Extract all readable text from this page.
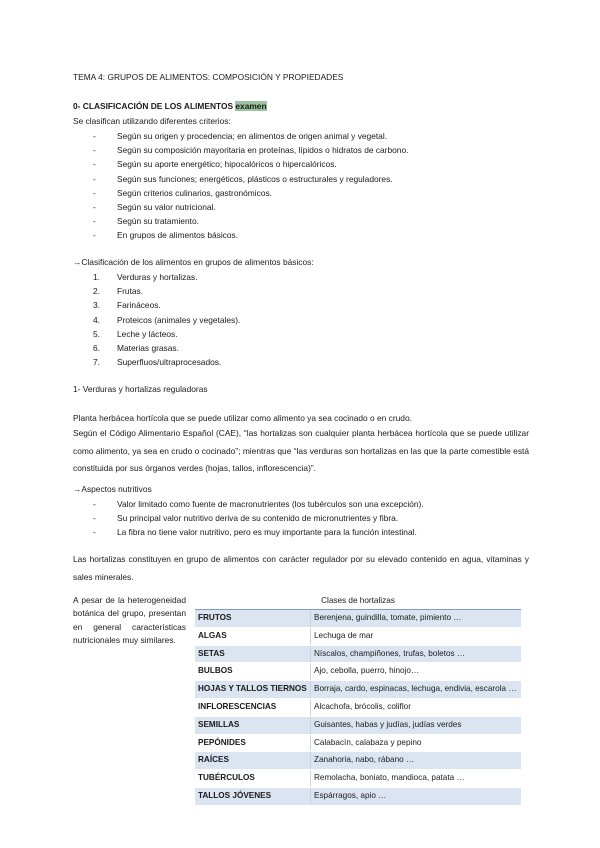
TEMA 4: GRUPOS DE ALIMENTOS: COMPOSICIÓN Y PROPIEDADES
0- CLASIFICACIÓN DE LOS ALIMENTOS examen
Se clasifican utilizando diferentes criterios:
-	Según su origen y procedencia; en alimentos de origen animal y vegetal.
-	Según su composición mayoritaria en proteínas, lípidos o hidratos de carbono.
-	Según su aporte energético; hipocalóricos o hipercalóricos.
-	Según sus funciones; energéticos, plásticos o estructurales y reguladores.
-	Según criterios culinarios, gastronómicos.
-	Según su valor nutricional.
-	Según su tratamiento.
-	En grupos de alimentos básicos.
→Clasificación de los alimentos en grupos de alimentos básicos:
1. Verduras y hortalizas.
2. Frutas.
3. Farináceos.
4. Proteicos (animales y vegetales).
5. Leche y lácteos.
6. Materias grasas.
7. Superfluos/ultraprocesados.
1- Verduras y hortalizas reguladoras
Planta herbácea hortícola que se puede utilizar como alimento ya sea cocinado o en crudo.
Según el Código Alimentario Español (CAE), “las hortalizas son cualquier planta herbácea hortícola que se puede utilizar como alimento, ya sea en crudo o cocinado”; mientras que “las verduras son hortalizas en las que la parte comestible está constituida por sus órganos verdes (hojas, tallos, inflorescencia)”.
→Aspectos nutritivos
-	Valor limitado como fuente de macronutrientes (los tubérculos son una excepción).
-	Su principal valor nutritivo deriva de su contenido de micronutrientes y fibra.
-	La fibra no tiene valor nutritivo, pero es muy importante para la función intestinal.
Las hortalizas constituyen en grupo de alimentos con carácter regulador por su elevado contenido en agua, vitaminas y sales minerales.
A pesar de la heterogeneidad botánica del grupo, presentan en general características nutricionales muy similares.
Clases de hortalizas	
FRUTOS	Berenjena, guindilla, tomate, pimiento …
ALGAS	Lechuga de mar
SETAS	Níscalos, champiñones, trufas, boletos …
BULBOS	Ajo, cebolla, puerro, hinojo…
HOJAS Y TALLOS TIERNOS	Borraja, cardo, espinacas, lechuga, endivia, escarola …
INFLORESCENCIAS	Alcachofa, brócolis, coliflor
SEMILLAS	Guisantes, habas y judías, judías verdes
PEPÓNIDES	Calabacín, calabaza y pepino
RAÍCES	Zanahoria, nabo, rábano …
TUBÉRCULOS	Remolacha, boniato, mandioca, patata …
TALLOS JÓVENES	Espárragos, apio …
